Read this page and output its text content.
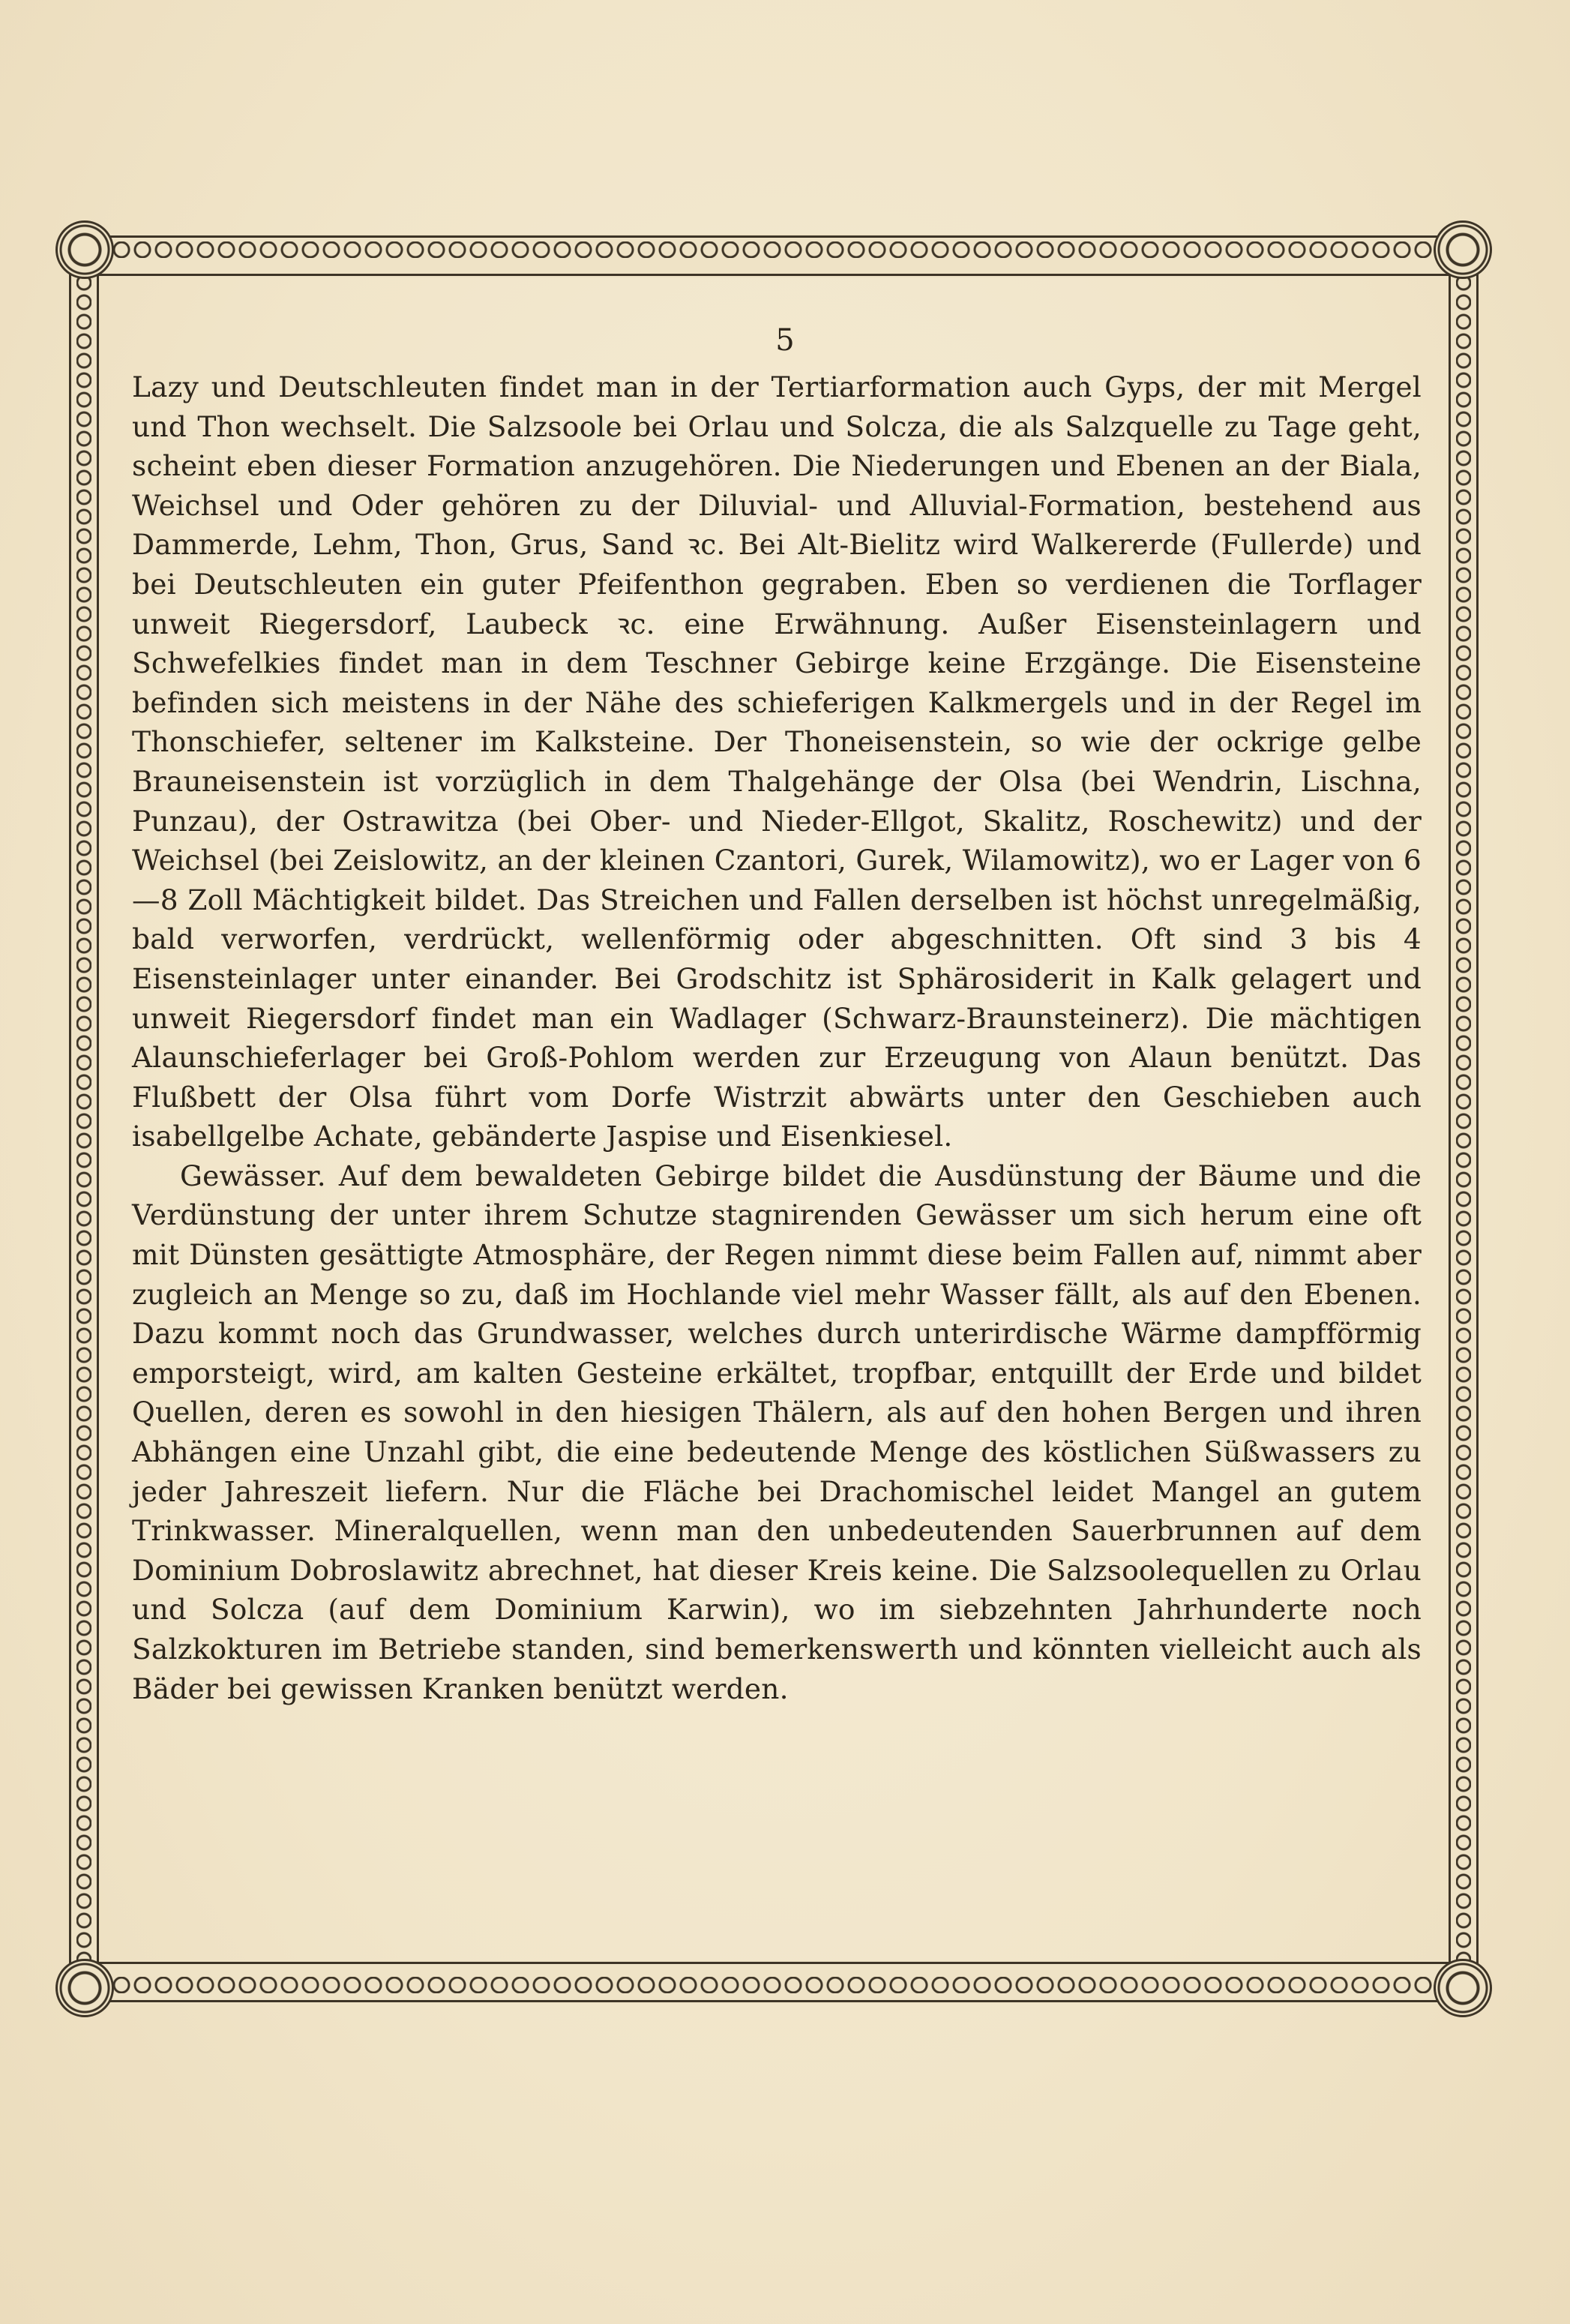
5

Lazy und Deutschleuten findet man in der Tertiarformation auch Gyps, der mit Mergel und Thon wechselt. Die Salzsoole bei Orlau und Solcza, die als Salzquelle zu Tage geht, scheint eben dieser Formation anzugehören. Die Niederungen und Ebenen an der Biala, Weichsel und Oder gehören zu der Diluvial- und Alluvial-Formation, bestehend aus Dammerde, Lehm, Thon, Grus, Sand ꝛc. Bei Alt-Bielitz wird Walkererde (Fullerde) und bei Deutschleuten ein guter Pfeifenthon gegraben. Eben so verdienen die Torflager unweit Riegersdorf, Laubeck ꝛc. eine Erwähnung. Außer Eisensteinlagern und Schwefelkies findet man in dem Teschner Gebirge keine Erzgänge. Die Eisensteine befinden sich meistens in der Nähe des schieferigen Kalkmergels und in der Regel im Thonschiefer, seltener im Kalksteine. Der Thoneisenstein, so wie der ockrige gelbe Brauneisenstein ist vorzüglich in dem Thalgehänge der Olsa (bei Wendrin, Lischna, Punzau), der Ostrawitza (bei Ober- und Nieder-Ellgot, Skalitz, Roschewitz) und der Weichsel (bei Zeislowitz, an der kleinen Czantori, Gurek, Wilamowitz), wo er Lager von 6—8 Zoll Mächtigkeit bildet. Das Streichen und Fallen derselben ist höchst unregelmäßig, bald verworfen, verdrückt, wellenförmig oder abgeschnitten. Oft sind 3 bis 4 Eisensteinlager unter einander. Bei Grodschitz ist Sphärosiderit in Kalk gelagert und unweit Riegersdorf findet man ein Wadlager (Schwarz-Braunsteinerz). Die mächtigen Alaunschieferlager bei Groß-Pohlom werden zur Erzeugung von Alaun benützt. Das Flußbett der Olsa führt vom Dorfe Wistrzit abwärts unter den Geschieben auch isabellgelbe Achate, gebänderte Jaspise und Eisenkiesel.

Gewässer. Auf dem bewaldeten Gebirge bildet die Ausdünstung der Bäume und die Verdünstung der unter ihrem Schutze stagnirenden Gewässer um sich herum eine oft mit Dünsten gesättigte Atmosphäre, der Regen nimmt diese beim Fallen auf, nimmt aber zugleich an Menge so zu, daß im Hochlande viel mehr Wasser fällt, als auf den Ebenen. Dazu kommt noch das Grundwasser, welches durch unterirdische Wärme dampfförmig emporsteigt, wird, am kalten Gesteine erkältet, tropfbar, entquillt der Erde und bildet Quellen, deren es sowohl in den hiesigen Thälern, als auf den hohen Bergen und ihren Abhängen eine Unzahl gibt, die eine bedeutende Menge des köstlichen Süßwassers zu jeder Jahreszeit liefern. Nur die Fläche bei Drachomischel leidet Mangel an gutem Trinkwasser. Mineralquellen, wenn man den unbedeutenden Sauerbrunnen auf dem Dominium Dobroslawitz abrechnet, hat dieser Kreis keine. Die Salzsoolequellen zu Orlau und Solcza (auf dem Dominium Karwin), wo im siebzehnten Jahrhunderte noch Salzkokturen im Betriebe standen, sind bemerkenswerth und könnten vielleicht auch als Bäder bei gewissen Kranken benützt werden.
